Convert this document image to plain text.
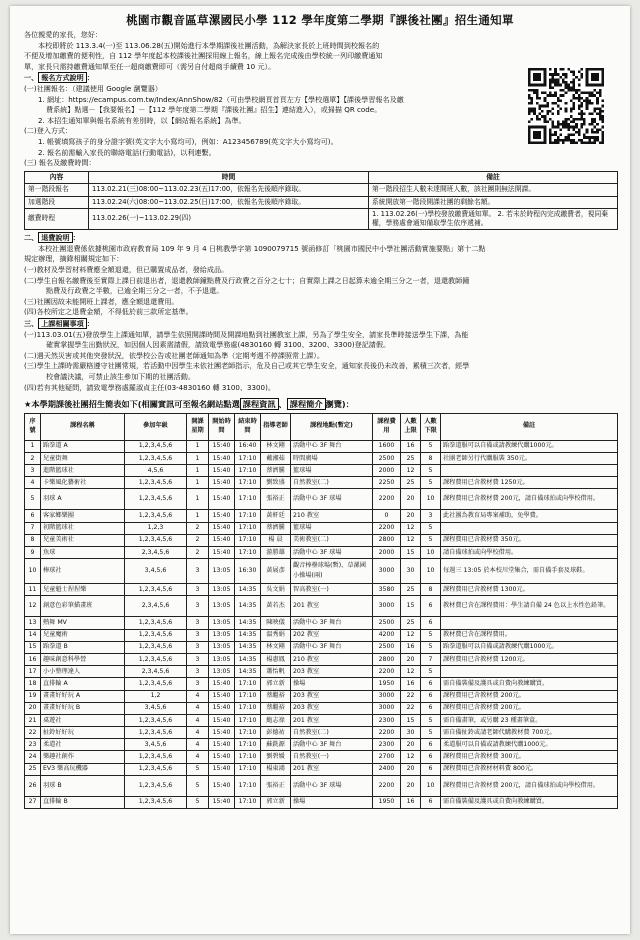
桃園市觀音區草漯國民小學 112 學年度第二學期『課後社團』招生通知單

各位親愛的家長，您好：

本校即將於 113.3.4(一)至 113.06.28(五)開始進行本學期課後社團活動，為解決家長於上班時間到校報名的

不便及增加繳費的便利性，自 112 學年度起本校課後社團採用線上報名，線上報名完成後由學校統一列印繳費通知

單，家長只需持繳費通知單至任一超商繳費即可（需另自付超商手續費 10 元）。

一、 報名方式說明 ：

(一)社團報名：（建議使用 Google 瀏覽器）

1. 網址：https://ecampus.com.tw/Index/AnnShow/82（可由學校網頁首頁左方【學校選單】【課後學習報名及繳

費系統】點選－【我要報名】－【112 學年度第二學期『課後社團』招生】連結進入），或掃描 QR code。

2. 本招生通知單與報名系統有差別時，以【網站報名系統】為準。

(二)登入方式：

1. 帳號填寫孩子的身分證字號(英文字大小寫均可)，例如：A123456789(英文字大小寫均可)。

2. 報名前需輸入家長的聯絡電話(行動電話)，以利連繫。

(三) 報名及繳費時間：

內容	時間	備註
第一階段報名	113.02.21(三)08:00~113.02.23(五)17:00，依報名先後順序錄取。	第一階段招生人數未達開班人數，該社團則無法開課。
加選階段	113.02.24(六)08:00~113.02.25(日)17:00，依報名先後順序錄取。	系統開放第一階段開課社團的剩餘名額。
繳費時程	113.02.26(一)~113.02.29(四)	1. 113.02.26(一)學校發放繳費通知單。 2. 若未於時程內完成繳費者，視同棄權，學務處會通知備取學生依序遞補。

二、 退費說明 ：

本校社團退費係依據桃園市政府教育局 109 年 9 月 4 日桃教學字第 1090079715 號函修訂「桃園市國民中小學社團活動實施要點」第十二點

規定辦理，摘錄相關規定如下：

(一)教材及學習材料費應全額退還，但已購置成品者，發給成品。

(二)學生自報名繳費後至實際上課日前退出者，退還教師鐘點費及行政費之百分之七十；自實際上課之日起算未逾全期三分之一者，退還教師鐘

點費及行政費之半數，已逾全期三分之一者，不予退還。

(三)社團因故未能開班上課者，應全額退還費用。

(四)各校所定之退費金額，不得低於前三款所定基準。

三、 上課相關事項 ：

(一)113.03.01(五)發放學生上課通知單，請學生依照開課時間及開課地點到社團教室上課，另為了學生安全，請家長準時接送學生下課，為能

確實掌握學生出勤狀況，如因個人因素需請假，請致電學務處(4830160 轉 3100、3200、3300)登記請假。

(二)遇天然災害或其他突發狀況，依學校公告或社團老師通知為準（定期考週不停課照常上課）。

(三)學生上課時需嚴格遵守社團常規，若活動中因學生未依社團老師指示，危及自己或其它學生安全，通知家長後仍未改善，累積三次者，經學

校會議決議，可禁止該生參加下期的社團活動。

(四)若有其他疑問，請致電學務處羅淑貞主任(03-4830160 轉 3100、3300)。

★本學期課後社團招生簡表如下(相關實訊可至報名網站點選 課程資訊 、 課程簡介 瀏覽)：

序號	課程名稱	參加年級	開課星期	開始時間	結束時間	指導老師	課程地點(暫定)	課程費用	人數上限	人數下限	備註
1	跆拳道 A	1,2,3,4,5,6	1	15:40	16:40	林文剛	活動中心 3F 舞台	1600	16	5	跆拳道服可以自備或請教練代購1000元。
2	兒童街舞	1,2,3,4,5,6	1	15:40	17:10	戴湘茹	時間廣場	2500	25	8	社團老師另行代購服裝 350元。
3	進階籃球社	4,5,6	1	15:40	17:10	蔡濟騰	籃球場	2000	12	5	
4	卡樂風化藝術社	1,2,3,4,5,6	1	15:40	17:10	劉致盛	自然教室(二)	2250	25	5	課程費用已含教材費 1250元。
5	羽球 A	1,2,3,4,5,6	1	15:40	17:10	張裕正	活動中心 3F 球場	2200	20	10	課程費用已含教材費 200元，請自備球拍或向學校借用。
6	客家鄉樂團	1,2,3,4,5,6	1	15:40	17:10	黃軒廷	210 教室	0	20	3	此社團為教育局專案補助，免學費。
7	初階籃球社	1,2,3	2	15:40	17:10	蔡濟騰	籃球場	2200	12	5	
8	兒童美術社	1,2,3,4,5,6	2	15:40	17:10	楊 晨	美術教室(二)	2800	12	5	課程費用已含教材費 350元。
9	魚球	2,3,4,5,6	2	15:40	17:10	游勝雄	活動中心 3F 球場	2000	15	10	請自備球拍或向學校借用。
10	棒球社	3,4,5,6	3	13:05	16:30	黃展彥	觀音棒壘球場(暫)、草漯國小操場(兩)	3000	30	10	每週三 13:05 於本校川堂集合，需自備手套及球鞋。
11	兒童魁士捏捏樂	1,2,3,4,5,6	3	13:05	14:35	吳文娟	智高教室(一)	3580	25	8	課程費用已含教材費 1300元。
12	創意色彩筆描畫班	2,3,4,5,6	3	13:05	14:35	黃若杰	201 教室	3000	15	6	教材費已含在課程費用：學生請自備 24 色以上水性色鉛筆。
13	熱舞 MV	1,2,3,4,5,6	3	13:05	14:35	陳映儀	活動中心 3F 舞台	2500	25	6	
14	兒童魔術	1,2,3,4,5,6	3	13:05	14:35	溫秀娟	202 教室	4200	12	5	教材費已含在課程費用。
15	跆拳道 B	1,2,3,4,5,6	3	13:05	14:35	林文剛	活動中心 3F 舞台	2500	16	5	跆拳道服可以自備或請教練代購1000元。
16	趣味創意科學營	1,2,3,4,5,6	3	13:05	14:35	楊惠鳳	210 教室	2800	20	7	課程費用已含教材費 1200元。
17	小小整理達人	2,3,4,5,6	3	13:05	14:35	蕭怡帆	203 教室	2200	12	5	
18	直排輪 A	1,2,3,4,5,6	3	15:40	17:10	郭立新	操場	1950	16	6	需自備裝備及護具或自費向教練購買。
19	畫畫好好玩 A	1,2	4	15:40	17:10	蔡繼裕	203 教室	3000	22	6	課程費用已含教材費 200元。
20	畫畫好好玩 B	3,4,5,6	4	15:40	17:10	蔡繼裕	203 教室	3000	22	6	課程費用已含教材費 200元。
21	桌遊社	1,2,3,4,5,6	4	15:40	17:10	鮑志祿	201 教室	2300	15	5	需自備畫筆，或另購 23 種畫筆盒。
22	扯鈴好好玩	1,2,3,4,5,6	4	15:40	17:10	彭德祐	自然教室(二)	2200	30	5	需自備扯鈴或請老師代購教材費 700元。
23	柔道社	3,4,5,6	4	15:40	17:10	蘇銑源	活動中心 3F 舞台	2300	20	6	柔道服可以自備或請教練代購1000元。
24	樂趣社創作	1,2,3,4,5,6	4	15:40	17:10	劉碧媛	自然教室(一)	2700	12	6	課程費用已含教材費 300元。
25	EV3 樂高玩機器	1,2,3,4,5,6	5	15:40	17:10	楊東鴻	201 教室	2400	20	6	課程費用已含教材材料費 800元。
26	羽球 B	1,2,3,4,5,6	5	15:40	17:10	張裕正	活動中心 3F 球場	2200	20	10	課程費用已含教材費 200元，請自備球拍或向學校借用。
27	直排輪 B	1,2,3,4,5,6	5	15:40	17:10	郭立新	操場	1950	16	6	需自備裝備及護具或自費向教練購買。
